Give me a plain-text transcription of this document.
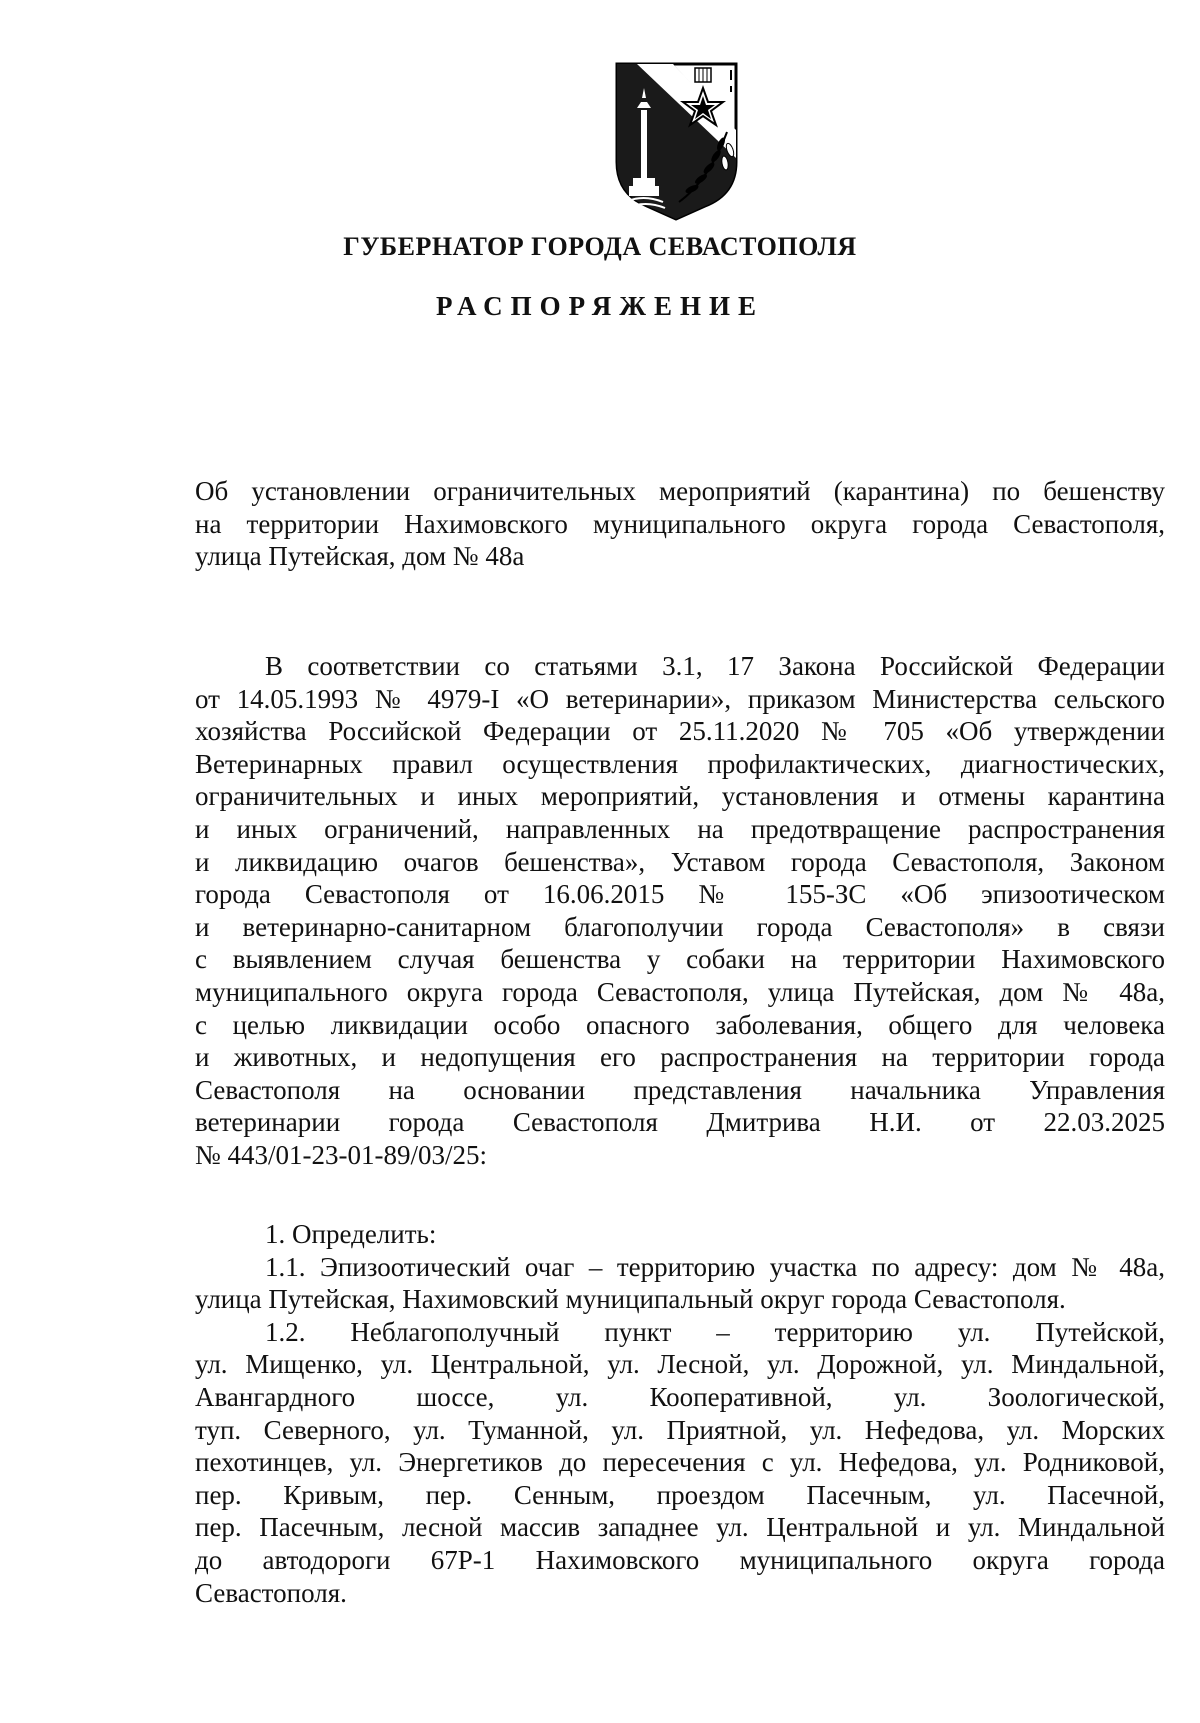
ГУБЕРНАТОР ГОРОДА СЕВАСТОПОЛЯ
РАСПОРЯЖЕНИЕ
Об установлении ограничительных мероприятий (карантина) по бешенству
на территории Нахимовского муниципального округа города Севастополя,
улица Путейская, дом № 48а
В соответствии со статьями 3.1, 17 Закона Российской Федерации
от 14.05.1993 № 4979-I «О ветеринарии», приказом Министерства сельского
хозяйства Российской Федерации от 25.11.2020 № 705 «Об утверждении
Ветеринарных правил осуществления профилактических, диагностических,
ограничительных и иных мероприятий, установления и отмены карантина
и иных ограничений, направленных на предотвращение распространения
и ликвидацию очагов бешенства», Уставом города Севастополя, Законом
города Севастополя от 16.06.2015 № 155-ЗС «Об эпизоотическом
и ветеринарно-санитарном благополучии города Севастополя» в связи
с выявлением случая бешенства у собаки на территории Нахимовского
муниципального округа города Севастополя, улица Путейская, дом № 48а,
с целью ликвидации особо опасного заболевания, общего для человека
и животных, и недопущения его распространения на территории города
Севастополя на основании представления начальника Управления
ветеринарии города Севастополя Дмитрива Н.И. от 22.03.2025
№ 443/01-23-01-89/03/25:
1. Определить:
1.1. Эпизоотический очаг – территорию участка по адресу: дом № 48а,
улица Путейская, Нахимовский муниципальный округ города Севастополя.
1.2. Неблагополучный пункт – территорию ул. Путейской,
ул. Мищенко, ул. Центральной, ул. Лесной, ул. Дорожной, ул. Миндальной,
Авангардного шоссе, ул. Кооперативной, ул. Зоологической,
туп. Северного, ул. Туманной, ул. Приятной, ул. Нефедова, ул. Морских
пехотинцев, ул. Энергетиков до пересечения с ул. Нефедова, ул. Родниковой,
пер. Кривым, пер. Сенным, проездом Пасечным, ул. Пасечной,
пер. Пасечным, лесной массив западнее ул. Центральной и ул. Миндальной
до автодороги 67Р-1 Нахимовского муниципального округа города
Севастополя.
